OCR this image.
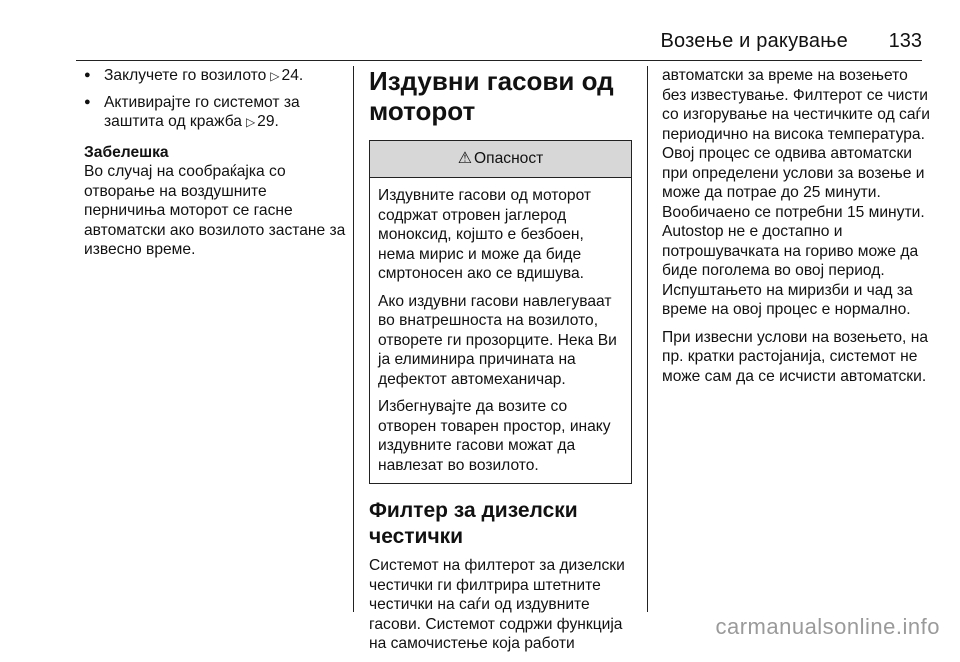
Возење и ракување 133
● Заклучете го возилото ▷ 24.
● Активирајте го системот за заштита од кражба ▷ 29.
Забелешка

Во случај на сообраќајка со отворање на воздушните перничиња моторот се гасне автоматски ако возилото застане за извесно време.

Издувни гасови од моторот
⚠ Опасност

Издувните гасови од моторот содржат отровен јаглерод моноксид, којшто е безбоен, нема мирис и може да биде смртоносен ако се вдишува.

Ако издувни гасови навлегуваат во внатрешноста на возилото, отворете ги прозорците. Нека Ви ја елиминира причината на дефектот автомеханичар.

Избегнувајте да возите со отворен товарен простор, инаку издувните гасови можат да навлезат во возилото.

Филтер за дизелски честички

Системот на филтерот за дизелски честички ги филтрира штетните честички на саѓи од издувните гасови. Системот содржи функција на самочистење која работи

автоматски за време на возењето без известување. Филтерот се чисти со изгорување на честичките од саѓи периодично на висока температура. Овој процес се одвива автоматски при определени услови за возење и може да потрае до 25 минути. Вообичаено се потребни 15 минути. Autostop не е достапно и потрошувачката на гориво може да биде поголема во овој период. Испуштањето на миризби и чад за време на овој процес е нормално.

При извесни услови на возењето, на пр. кратки растојанија, системот не може сам да се исчисти автоматски.

carmanualsonline.info
